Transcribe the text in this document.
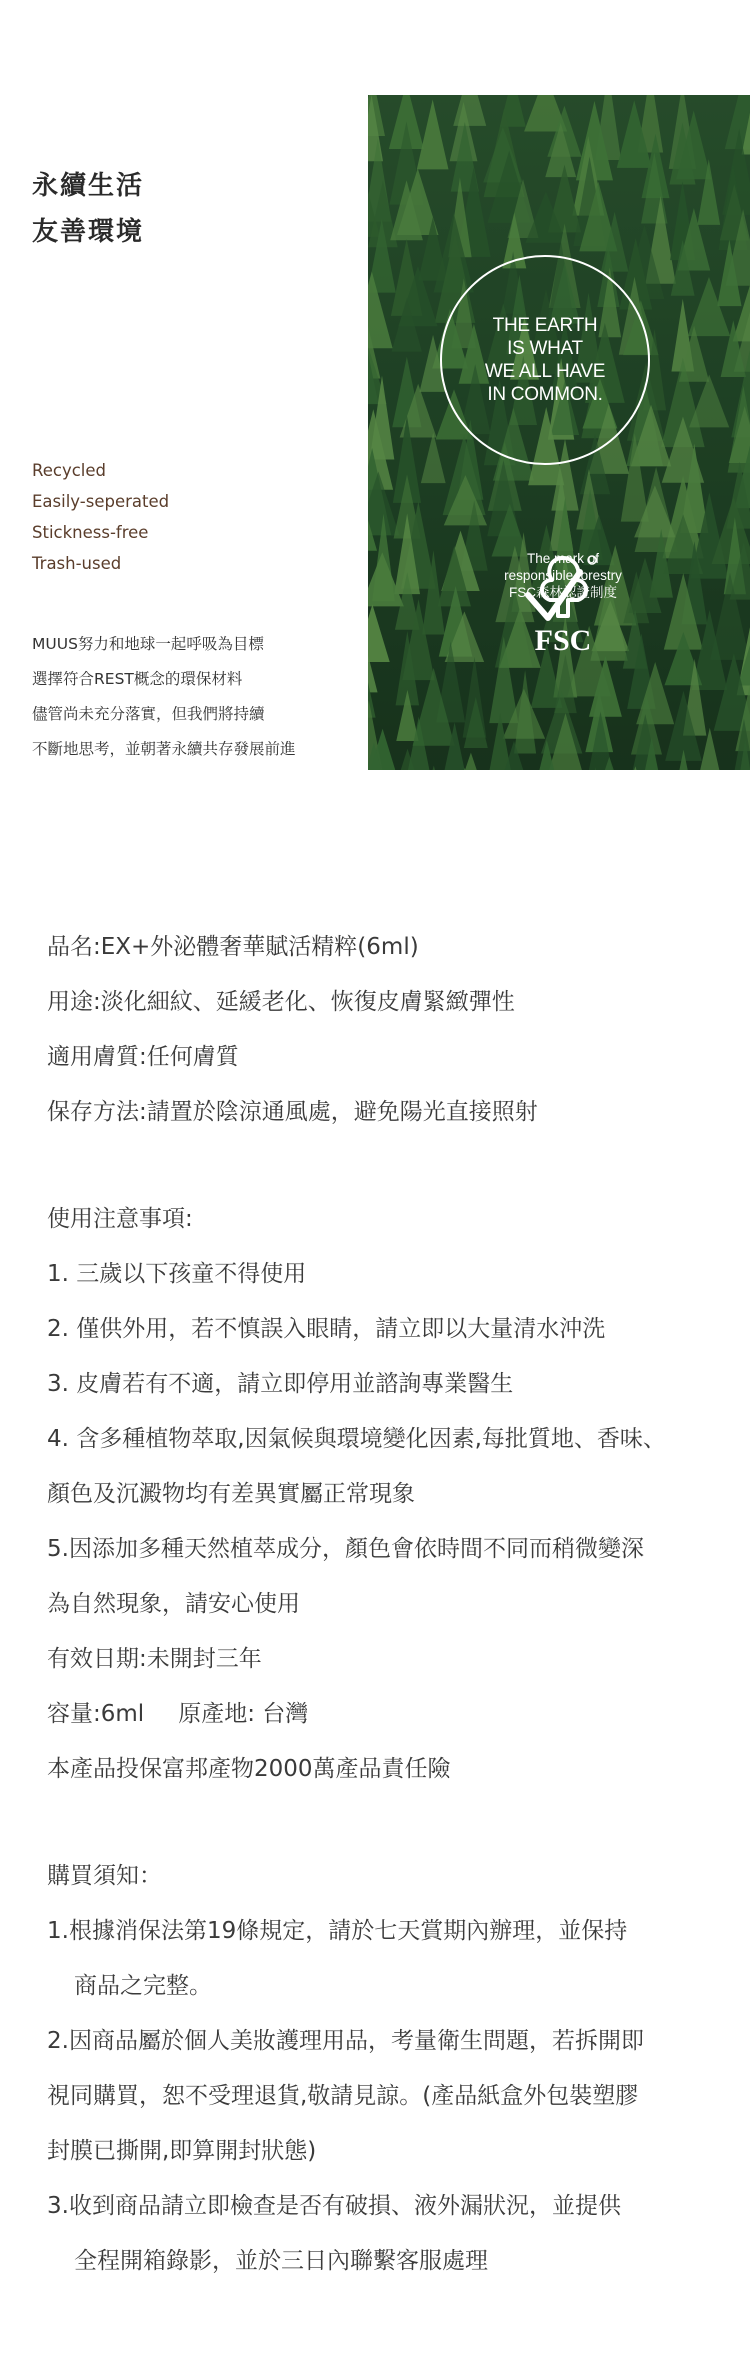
永續生活
友善環境
Recycled
Easily-seperated
Stickness-free
Trash-used
MUUS努力和地球一起呼吸為目標
選擇符合REST概念的環保材料
儘管尚未充分落實，但我們將持續
不斷地思考，並朝著永續共存發展前進
THE EARTH
IS WHAT
WE ALL HAVE
IN COMMON.
FSC
The mark of
responsible forestry
FSC森林認證制度
品名:EX+外泌體奢華賦活精粹(6ml)
用途:淡化細紋、延緩老化、恢復皮膚緊緻彈性
適用膚質:任何膚質
保存方法:請置於陰涼通風處，避免陽光直接照射
使用注意事項:
1. 三歲以下孩童不得使用
2. 僅供外用，若不慎誤入眼睛，請立即以大量清水沖洗
3. 皮膚若有不適，請立即停用並諮詢專業醫生
4. 含多種植物萃取,因氣候與環境變化因素,每批質地、香味、
顏色及沉澱物均有差異實屬正常現象
5.因添加多種天然植萃成分，顏色會依時間不同而稍微變深
為自然現象，請安心使用
有效日期:未開封三年
容量:6ml 原產地: 台灣
本產品投保富邦產物2000萬產品責任險
購買須知：
1.根據消保法第19條規定，請於七天賞期內辦理，並保持
商品之完整。
2.因商品屬於個人美妝護理用品，考量衛生問題，若拆開即
視同購買，恕不受理退貨,敬請見諒。(產品紙盒外包裝塑膠
封膜已撕開,即算開封狀態)
3.收到商品請立即檢查是否有破損、液外漏狀況，並提供
全程開箱錄影，並於三日內聯繫客服處理
